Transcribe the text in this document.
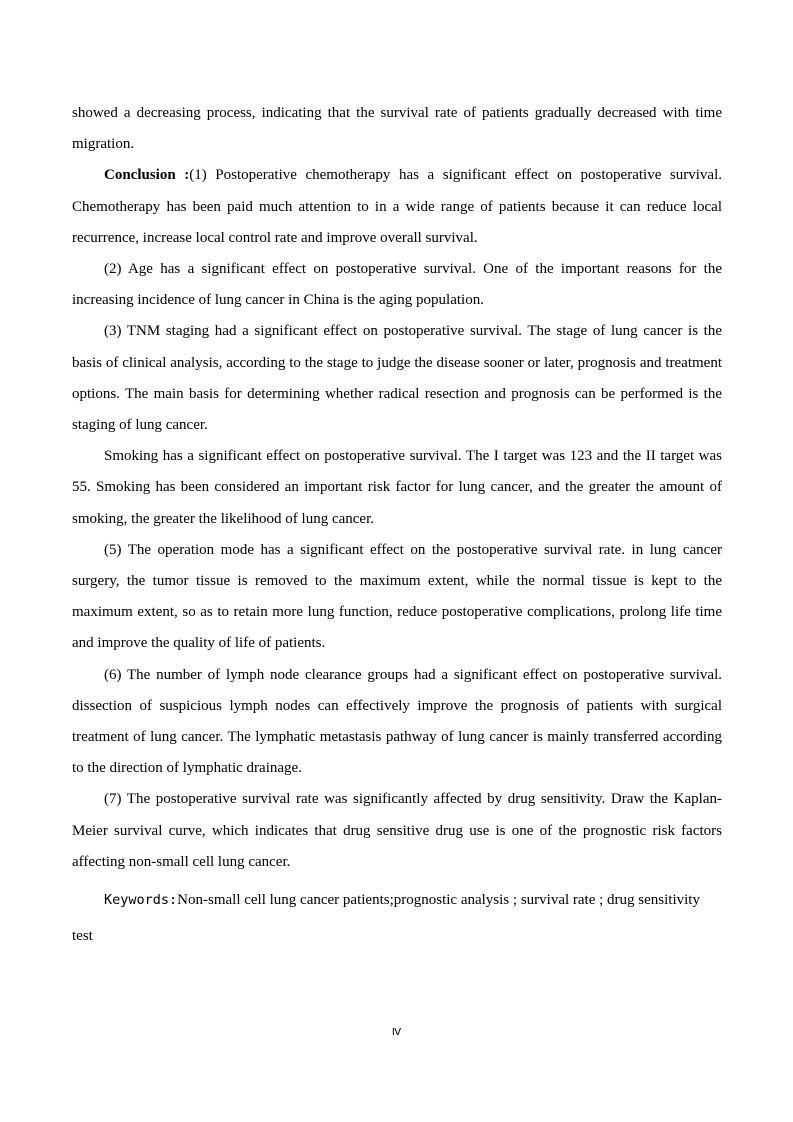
showed a decreasing process, indicating that the survival rate of patients gradually decreased with time migration.

Conclusion :(1) Postoperative chemotherapy has a significant effect on postoperative survival. Chemotherapy has been paid much attention to in a wide range of patients because it can reduce local recurrence, increase local control rate and improve overall survival.

(2) Age has a significant effect on postoperative survival. One of the important reasons for the increasing incidence of lung cancer in China is the aging population.

(3) TNM staging had a significant effect on postoperative survival. The stage of lung cancer is the basis of clinical analysis, according to the stage to judge the disease sooner or later, prognosis and treatment options. The main basis for determining whether radical resection and prognosis can be performed is the staging of lung cancer.

Smoking has a significant effect on postoperative survival. The I target was 123 and the II target was 55. Smoking has been considered an important risk factor for lung cancer, and the greater the amount of smoking, the greater the likelihood of lung cancer.

(5) The operation mode has a significant effect on the postoperative survival rate. in lung cancer surgery, the tumor tissue is removed to the maximum extent, while the normal tissue is kept to the maximum extent, so as to retain more lung function, reduce postoperative complications, prolong life time and improve the quality of life of patients.

(6) The number of lymph node clearance groups had a significant effect on postoperative survival. dissection of suspicious lymph nodes can effectively improve the prognosis of patients with surgical treatment of lung cancer. The lymphatic metastasis pathway of lung cancer is mainly transferred according to the direction of lymphatic drainage.

(7) The postoperative survival rate was significantly affected by drug sensitivity. Draw the Kaplan-Meier survival curve, which indicates that drug sensitive drug use is one of the prognostic risk factors affecting non-small cell lung cancer.

Keywords:Non-small cell lung cancer patients;prognostic analysis ; survival rate ; drug sensitivity test
Ⅳ
